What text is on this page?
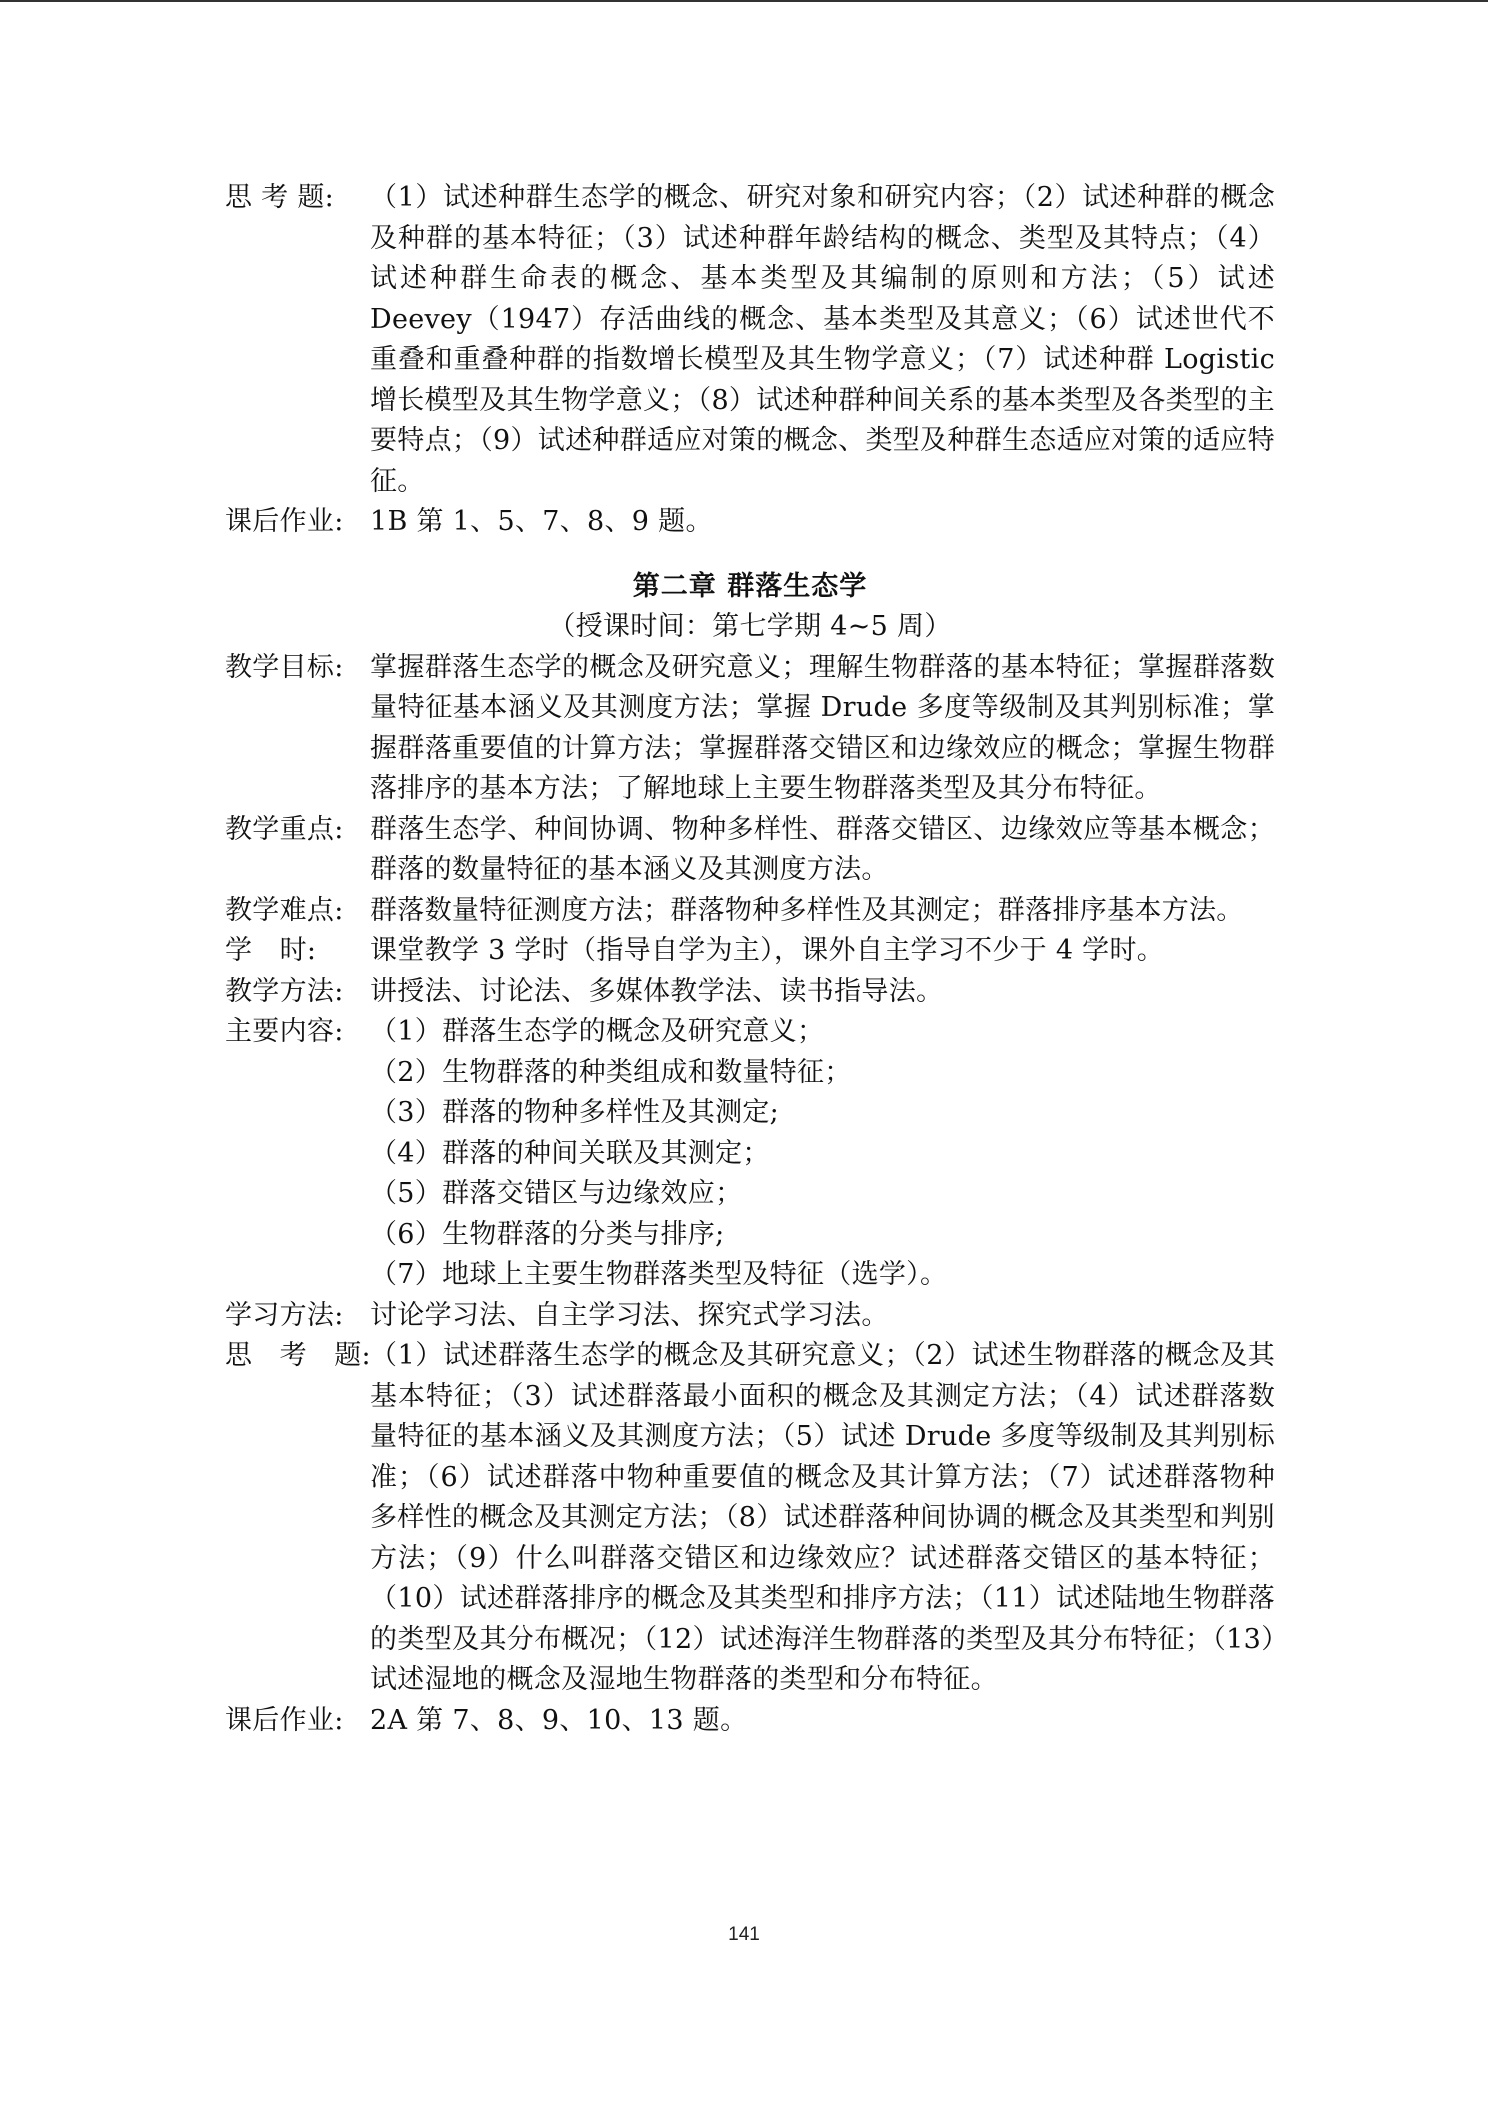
思 考 题:	（1）试述种群生态学的概念、研究对象和研究内容；（2）试述种群的概念及种群的基本特征；（3）试述种群年龄结构的概念、类型及其特点；（4）试述种群生命表的概念、基本类型及其编制的原则和方法；（5）试述 Deevey（1947）存活曲线的概念、基本类型及其意义；（6）试述世代不重叠和重叠种群的指数增长模型及其生物学意义；（7）试述种群 Logistic 增长模型及其生物学意义；（8）试述种群种间关系的基本类型及各类型的主要特点；（9）试述种群适应对策的概念、类型及种群生态适应对策的适应特征。
课后作业: 1B 第 1、5、7、8、9 题。
第二章 群落生态学
（授课时间：第七学期 4~5 周）
教学目标: 掌握群落生态学的概念及研究意义；理解生物群落的基本特征；掌握群落数量特征基本涵义及其测度方法；掌握 Drude 多度等级制及其判别标准；掌握群落重要值的计算方法；掌握群落交错区和边缘效应的概念；掌握生物群落排序的基本方法；了解地球上主要生物群落类型及其分布特征。
教学重点: 群落生态学、种间协调、物种多样性、群落交错区、边缘效应等基本概念；群落的数量特征的基本涵义及其测度方法。
教学难点: 群落数量特征测度方法；群落物种多样性及其测定；群落排序基本方法。
学　时:	课堂教学 3 学时（指导自学为主），课外自主学习不少于 4 学时。
教学方法: 讲授法、讨论法、多媒体教学法、读书指导法。
主要内容: （1）群落生态学的概念及研究意义；

（2）生物群落的种类组成和数量特征；

（3）群落的物种多样性及其测定;

（4）群落的种间关联及其测定；

（5）群落交错区与边缘效应；

（6）生物群落的分类与排序;

（7）地球上主要生物群落类型及特征（选学）。

学习方法: 讨论学习法、自主学习法、探究式学习法。
思　考　题: （1）试述群落生态学的概念及其研究意义；（2）试述生物群落的概念及其基本特征；（3）试述群落最小面积的概念及其测定方法；（4）试述群落数量特征的基本涵义及其测度方法；（5）试述 Drude 多度等级制及其判别标准；（6）试述群落中物种重要值的概念及其计算方法；（7）试述群落物种多样性的概念及其测定方法；（8）试述群落种间协调的概念及其类型和判别方法；（9）什么叫群落交错区和边缘效应？试述群落交错区的基本特征；（10）试述群落排序的概念及其类型和排序方法；（11）试述陆地生物群落的类型及其分布概况；（12）试述海洋生物群落的类型及其分布特征；（13）试述湿地的概念及湿地生物群落的类型和分布特征。
课后作业: 2A 第 7、8、9、10、13 题。
141
